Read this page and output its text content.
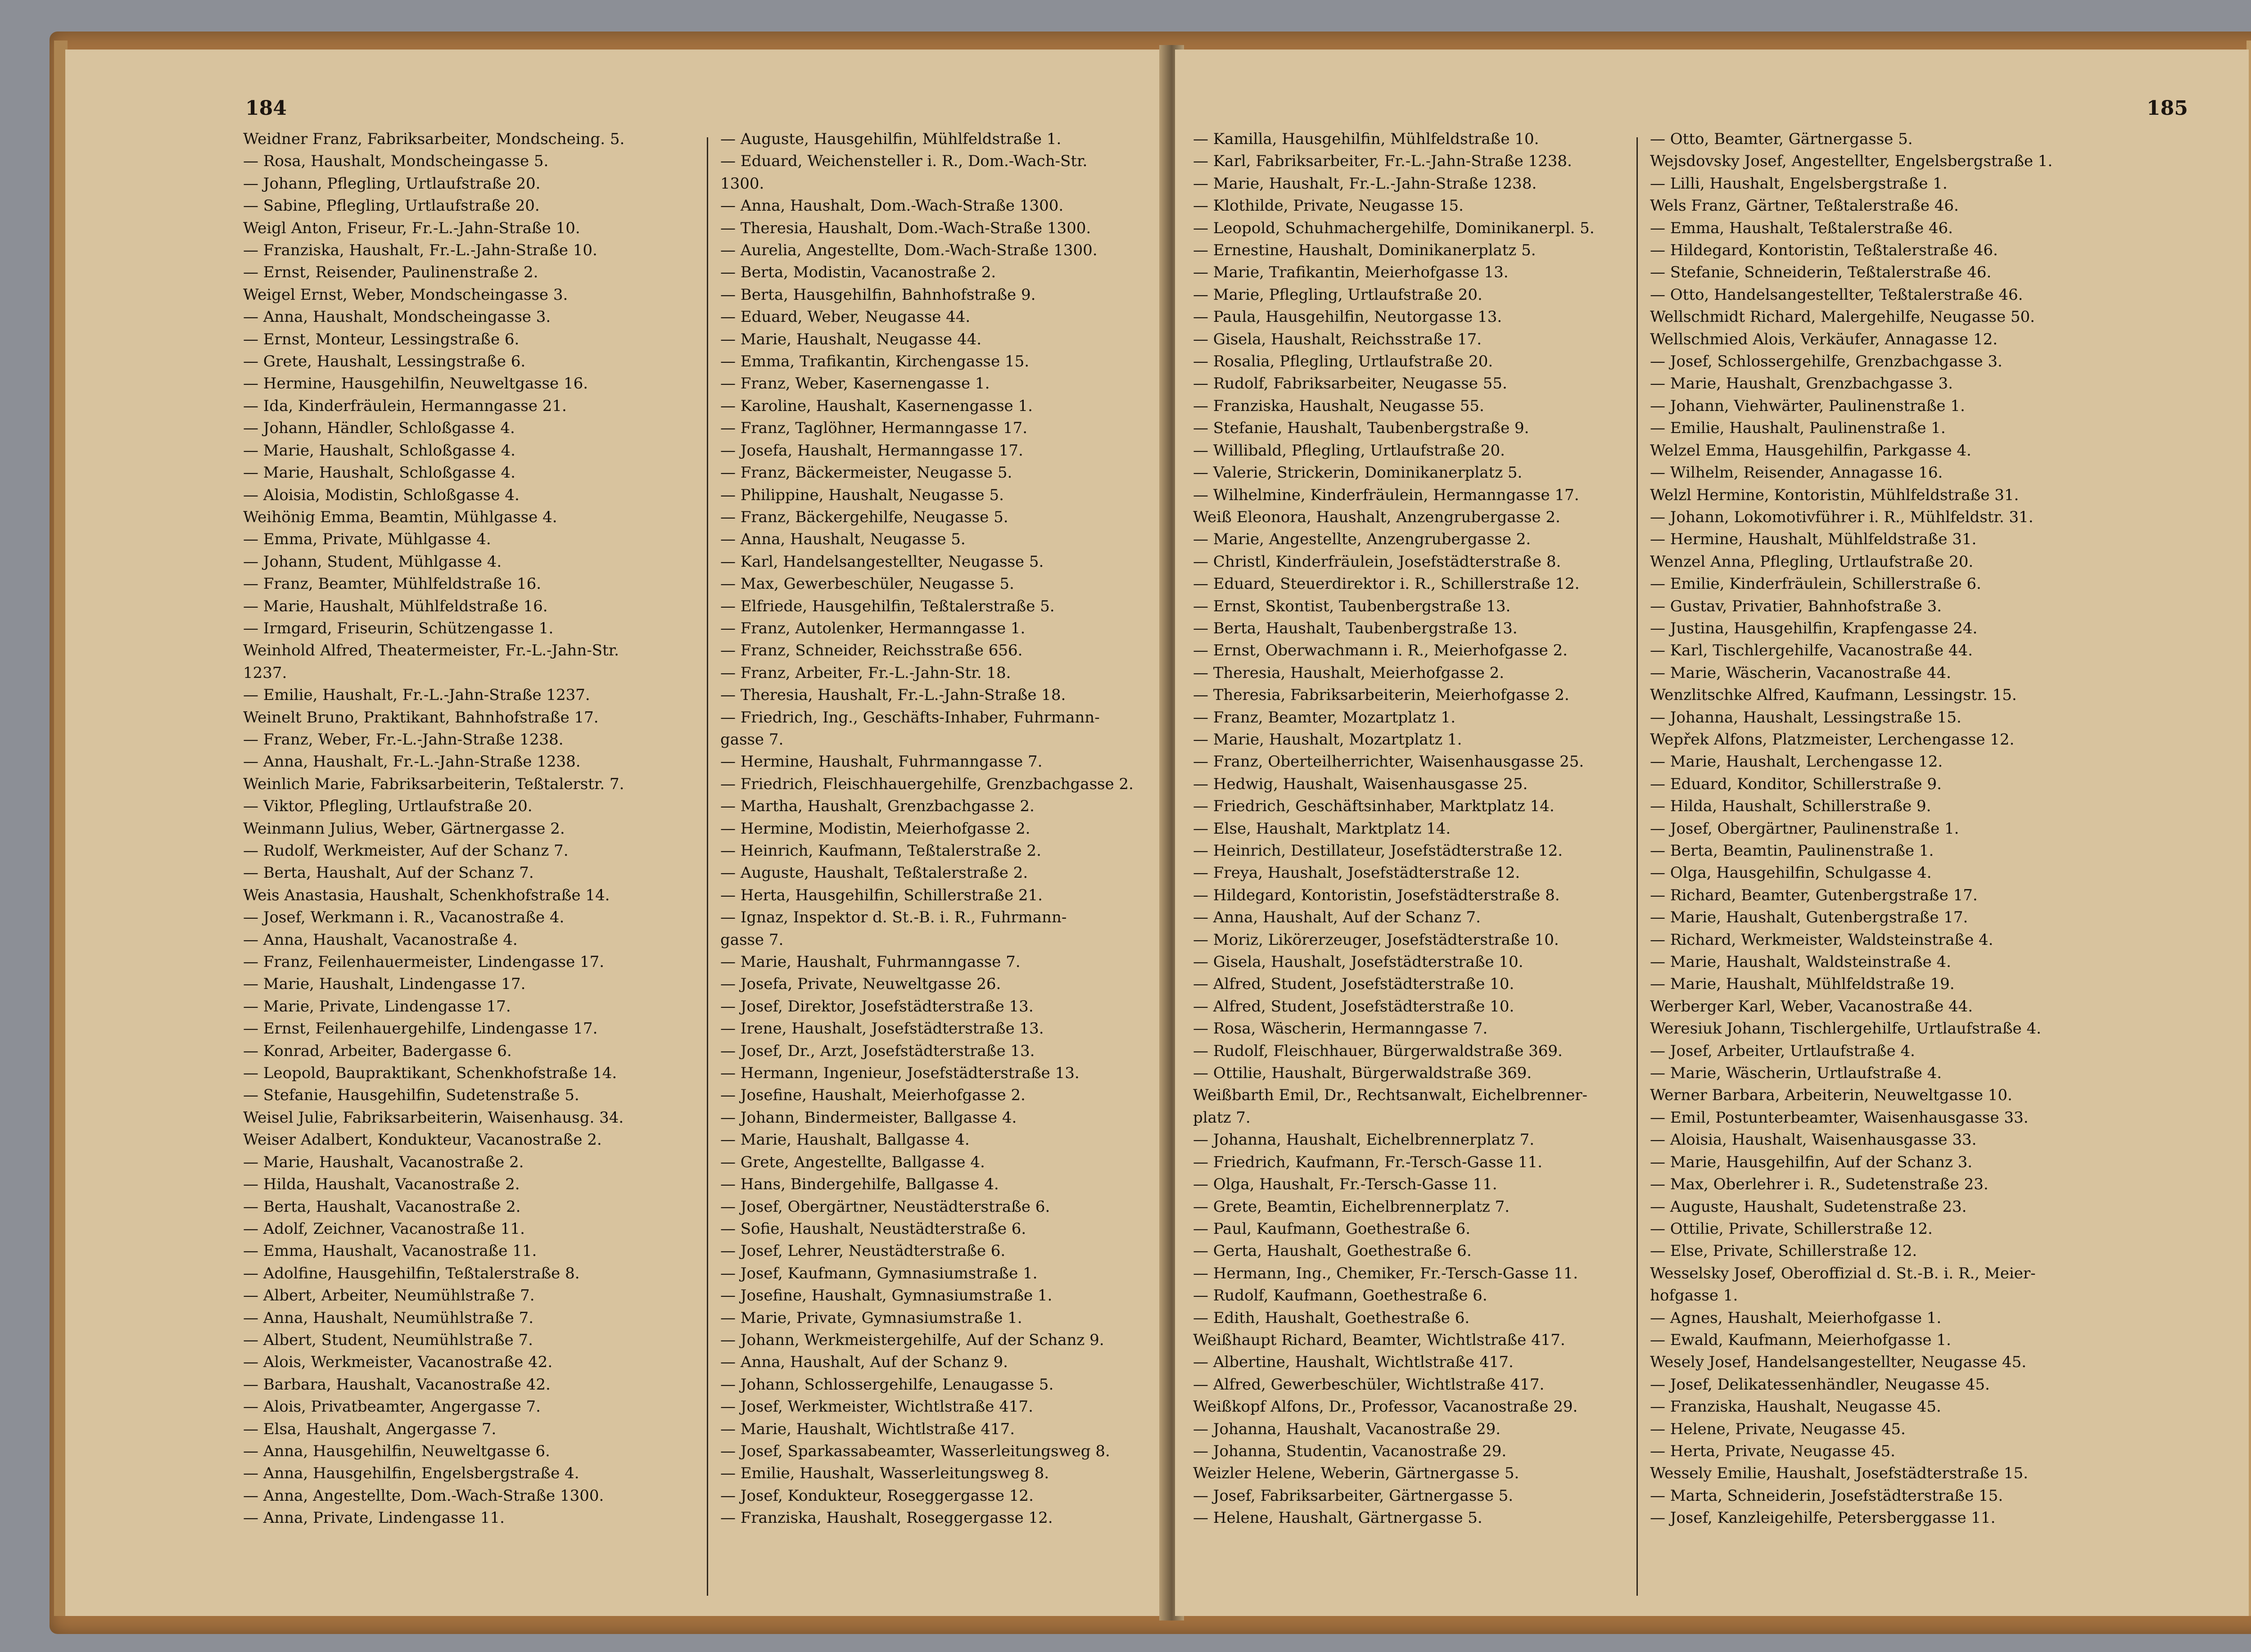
184
Weidner Franz, Fabriksarbeiter, Mondscheing. 5.
— Rosa, Haushalt, Mondscheingasse 5.
— Johann, Pflegling, Urtlaufstraße 20.
— Sabine, Pflegling, Urtlaufstraße 20.
Weigl Anton, Friseur, Fr.-L.-Jahn-Straße 10.
— Franziska, Haushalt, Fr.-L.-Jahn-Straße 10.
— Ernst, Reisender, Paulinenstraße 2.
Weigel Ernst, Weber, Mondscheingasse 3.
— Anna, Haushalt, Mondscheingasse 3.
— Ernst, Monteur, Lessingstraße 6.
— Grete, Haushalt, Lessingstraße 6.
— Hermine, Hausgehilfin, Neuweltgasse 16.
— Ida, Kinderfräulein, Hermanngasse 21.
— Johann, Händler, Schloßgasse 4.
— Marie, Haushalt, Schloßgasse 4.
— Marie, Haushalt, Schloßgasse 4.
— Aloisia, Modistin, Schloßgasse 4.
Weihönig Emma, Beamtin, Mühlgasse 4.
— Emma, Private, Mühlgasse 4.
— Johann, Student, Mühlgasse 4.
— Franz, Beamter, Mühlfeldstraße 16.
— Marie, Haushalt, Mühlfeldstraße 16.
— Irmgard, Friseurin, Schützengasse 1.
Weinhold Alfred, Theatermeister, Fr.-L.-Jahn-Str.
1237.
— Emilie, Haushalt, Fr.-L.-Jahn-Straße 1237.
Weinelt Bruno, Praktikant, Bahnhofstraße 17.
— Franz, Weber, Fr.-L.-Jahn-Straße 1238.
— Anna, Haushalt, Fr.-L.-Jahn-Straße 1238.
Weinlich Marie, Fabriksarbeiterin, Teßtalerstr. 7.
— Viktor, Pflegling, Urtlaufstraße 20.
Weinmann Julius, Weber, Gärtnergasse 2.
— Rudolf, Werkmeister, Auf der Schanz 7.
— Berta, Haushalt, Auf der Schanz 7.
Weis Anastasia, Haushalt, Schenkhofstraße 14.
— Josef, Werkmann i. R., Vacanostraße 4.
— Anna, Haushalt, Vacanostraße 4.
— Franz, Feilenhauermeister, Lindengasse 17.
— Marie, Haushalt, Lindengasse 17.
— Marie, Private, Lindengasse 17.
— Ernst, Feilenhauergehilfe, Lindengasse 17.
— Konrad, Arbeiter, Badergasse 6.
— Leopold, Baupraktikant, Schenkhofstraße 14.
— Stefanie, Hausgehilfin, Sudetenstraße 5.
Weisel Julie, Fabriksarbeiterin, Waisenhausg. 34.
Weiser Adalbert, Kondukteur, Vacanostraße 2.
— Marie, Haushalt, Vacanostraße 2.
— Hilda, Haushalt, Vacanostraße 2.
— Berta, Haushalt, Vacanostraße 2.
— Adolf, Zeichner, Vacanostraße 11.
— Emma, Haushalt, Vacanostraße 11.
— Adolfine, Hausgehilfin, Teßtalerstraße 8.
— Albert, Arbeiter, Neumühlstraße 7.
— Anna, Haushalt, Neumühlstraße 7.
— Albert, Student, Neumühlstraße 7.
— Alois, Werkmeister, Vacanostraße 42.
— Barbara, Haushalt, Vacanostraße 42.
— Alois, Privatbeamter, Angergasse 7.
— Elsa, Haushalt, Angergasse 7.
— Anna, Hausgehilfin, Neuweltgasse 6.
— Anna, Hausgehilfin, Engelsbergstraße 4.
— Anna, Angestellte, Dom.-Wach-Straße 1300.
— Anna, Private, Lindengasse 11.
— Auguste, Hausgehilfin, Mühlfeldstraße 1.
— Eduard, Weichensteller i. R., Dom.-Wach-Str.
1300.
— Anna, Haushalt, Dom.-Wach-Straße 1300.
— Theresia, Haushalt, Dom.-Wach-Straße 1300.
— Aurelia, Angestellte, Dom.-Wach-Straße 1300.
— Berta, Modistin, Vacanostraße 2.
— Berta, Hausgehilfin, Bahnhofstraße 9.
— Eduard, Weber, Neugasse 44.
— Marie, Haushalt, Neugasse 44.
— Emma, Trafikantin, Kirchengasse 15.
— Franz, Weber, Kasernengasse 1.
— Karoline, Haushalt, Kasernengasse 1.
— Franz, Taglöhner, Hermanngasse 17.
— Josefa, Haushalt, Hermanngasse 17.
— Franz, Bäckermeister, Neugasse 5.
— Philippine, Haushalt, Neugasse 5.
— Franz, Bäckergehilfe, Neugasse 5.
— Anna, Haushalt, Neugasse 5.
— Karl, Handelsangestellter, Neugasse 5.
— Max, Gewerbeschüler, Neugasse 5.
— Elfriede, Hausgehilfin, Teßtalerstraße 5.
— Franz, Autolenker, Hermanngasse 1.
— Franz, Schneider, Reichsstraße 656.
— Franz, Arbeiter, Fr.-L.-Jahn-Str. 18.
— Theresia, Haushalt, Fr.-L.-Jahn-Straße 18.
— Friedrich, Ing., Geschäfts-Inhaber, Fuhrmann-
gasse 7.
— Hermine, Haushalt, Fuhrmanngasse 7.
— Friedrich, Fleischhauergehilfe, Grenzbachgasse 2.
— Martha, Haushalt, Grenzbachgasse 2.
— Hermine, Modistin, Meierhofgasse 2.
— Heinrich, Kaufmann, Teßtalerstraße 2.
— Auguste, Haushalt, Teßtalerstraße 2.
— Herta, Hausgehilfin, Schillerstraße 21.
— Ignaz, Inspektor d. St.-B. i. R., Fuhrmann-
gasse 7.
— Marie, Haushalt, Fuhrmanngasse 7.
— Josefa, Private, Neuweltgasse 26.
— Josef, Direktor, Josefstädterstraße 13.
— Irene, Haushalt, Josefstädterstraße 13.
— Josef, Dr., Arzt, Josefstädterstraße 13.
— Hermann, Ingenieur, Josefstädterstraße 13.
— Josefine, Haushalt, Meierhofgasse 2.
— Johann, Bindermeister, Ballgasse 4.
— Marie, Haushalt, Ballgasse 4.
— Grete, Angestellte, Ballgasse 4.
— Hans, Bindergehilfe, Ballgasse 4.
— Josef, Obergärtner, Neustädterstraße 6.
— Sofie, Haushalt, Neustädterstraße 6.
— Josef, Lehrer, Neustädterstraße 6.
— Josef, Kaufmann, Gymnasiumstraße 1.
— Josefine, Haushalt, Gymnasiumstraße 1.
— Marie, Private, Gymnasiumstraße 1.
— Johann, Werkmeistergehilfe, Auf der Schanz 9.
— Anna, Haushalt, Auf der Schanz 9.
— Johann, Schlossergehilfe, Lenaugasse 5.
— Josef, Werkmeister, Wichtlstraße 417.
— Marie, Haushalt, Wichtlstraße 417.
— Josef, Sparkassabeamter, Wasserleitungsweg 8.
— Emilie, Haushalt, Wasserleitungsweg 8.
— Josef, Kondukteur, Roseggergasse 12.
— Franziska, Haushalt, Roseggergasse 12.
185
— Kamilla, Hausgehilfin, Mühlfeldstraße 10.
— Karl, Fabriksarbeiter, Fr.-L.-Jahn-Straße 1238.
— Marie, Haushalt, Fr.-L.-Jahn-Straße 1238.
— Klothilde, Private, Neugasse 15.
— Leopold, Schuhmachergehilfe, Dominikanerpl. 5.
— Ernestine, Haushalt, Dominikanerplatz 5.
— Marie, Trafikantin, Meierhofgasse 13.
— Marie, Pflegling, Urtlaufstraße 20.
— Paula, Hausgehilfin, Neutorgasse 13.
— Gisela, Haushalt, Reichsstraße 17.
— Rosalia, Pflegling, Urtlaufstraße 20.
— Rudolf, Fabriksarbeiter, Neugasse 55.
— Franziska, Haushalt, Neugasse 55.
— Stefanie, Haushalt, Taubenbergstraße 9.
— Willibald, Pflegling, Urtlaufstraße 20.
— Valerie, Strickerin, Dominikanerplatz 5.
— Wilhelmine, Kinderfräulein, Hermanngasse 17.
Weiß Eleonora, Haushalt, Anzengrubergasse 2.
— Marie, Angestellte, Anzengrubergasse 2.
— Christl, Kinderfräulein, Josefstädterstraße 8.
— Eduard, Steuerdirektor i. R., Schillerstraße 12.
— Ernst, Skontist, Taubenbergstraße 13.
— Berta, Haushalt, Taubenbergstraße 13.
— Ernst, Oberwachmann i. R., Meierhofgasse 2.
— Theresia, Haushalt, Meierhofgasse 2.
— Theresia, Fabriksarbeiterin, Meierhofgasse 2.
— Franz, Beamter, Mozartplatz 1.
— Marie, Haushalt, Mozartplatz 1.
— Franz, Oberteilherrichter, Waisenhausgasse 25.
— Hedwig, Haushalt, Waisenhausgasse 25.
— Friedrich, Geschäftsinhaber, Marktplatz 14.
— Else, Haushalt, Marktplatz 14.
— Heinrich, Destillateur, Josefstädterstraße 12.
— Freya, Haushalt, Josefstädterstraße 12.
— Hildegard, Kontoristin, Josefstädterstraße 8.
— Anna, Haushalt, Auf der Schanz 7.
— Moriz, Likörerzeuger, Josefstädterstraße 10.
— Gisela, Haushalt, Josefstädterstraße 10.
— Alfred, Student, Josefstädterstraße 10.
— Alfred, Student, Josefstädterstraße 10.
— Rosa, Wäscherin, Hermanngasse 7.
— Rudolf, Fleischhauer, Bürgerwaldstraße 369.
— Ottilie, Haushalt, Bürgerwaldstraße 369.
Weißbarth Emil, Dr., Rechtsanwalt, Eichelbrenner-
platz 7.
— Johanna, Haushalt, Eichelbrennerplatz 7.
— Friedrich, Kaufmann, Fr.-Tersch-Gasse 11.
— Olga, Haushalt, Fr.-Tersch-Gasse 11.
— Grete, Beamtin, Eichelbrennerplatz 7.
— Paul, Kaufmann, Goethestraße 6.
— Gerta, Haushalt, Goethestraße 6.
— Hermann, Ing., Chemiker, Fr.-Tersch-Gasse 11.
— Rudolf, Kaufmann, Goethestraße 6.
— Edith, Haushalt, Goethestraße 6.
Weißhaupt Richard, Beamter, Wichtlstraße 417.
— Albertine, Haushalt, Wichtlstraße 417.
— Alfred, Gewerbeschüler, Wichtlstraße 417.
Weißkopf Alfons, Dr., Professor, Vacanostraße 29.
— Johanna, Haushalt, Vacanostraße 29.
— Johanna, Studentin, Vacanostraße 29.
Weizler Helene, Weberin, Gärtnergasse 5.
— Josef, Fabriksarbeiter, Gärtnergasse 5.
— Helene, Haushalt, Gärtnergasse 5.
— Otto, Beamter, Gärtnergasse 5.
Wejsdovsky Josef, Angestellter, Engelsbergstraße 1.
— Lilli, Haushalt, Engelsbergstraße 1.
Wels Franz, Gärtner, Teßtalerstraße 46.
— Emma, Haushalt, Teßtalerstraße 46.
— Hildegard, Kontoristin, Teßtalerstraße 46.
— Stefanie, Schneiderin, Teßtalerstraße 46.
— Otto, Handelsangestellter, Teßtalerstraße 46.
Wellschmidt Richard, Malergehilfe, Neugasse 50.
Wellschmied Alois, Verkäufer, Annagasse 12.
— Josef, Schlossergehilfe, Grenzbachgasse 3.
— Marie, Haushalt, Grenzbachgasse 3.
— Johann, Viehwärter, Paulinenstraße 1.
— Emilie, Haushalt, Paulinenstraße 1.
Welzel Emma, Hausgehilfin, Parkgasse 4.
— Wilhelm, Reisender, Annagasse 16.
Welzl Hermine, Kontoristin, Mühlfeldstraße 31.
— Johann, Lokomotivführer i. R., Mühlfeldstr. 31.
— Hermine, Haushalt, Mühlfeldstraße 31.
Wenzel Anna, Pflegling, Urtlaufstraße 20.
— Emilie, Kinderfräulein, Schillerstraße 6.
— Gustav, Privatier, Bahnhofstraße 3.
— Justina, Hausgehilfin, Krapfengasse 24.
— Karl, Tischlergehilfe, Vacanostraße 44.
— Marie, Wäscherin, Vacanostraße 44.
Wenzlitschke Alfred, Kaufmann, Lessingstr. 15.
— Johanna, Haushalt, Lessingstraße 15.
Wepřek Alfons, Platzmeister, Lerchengasse 12.
— Marie, Haushalt, Lerchengasse 12.
— Eduard, Konditor, Schillerstraße 9.
— Hilda, Haushalt, Schillerstraße 9.
— Josef, Obergärtner, Paulinenstraße 1.
— Berta, Beamtin, Paulinenstraße 1.
— Olga, Hausgehilfin, Schulgasse 4.
— Richard, Beamter, Gutenbergstraße 17.
— Marie, Haushalt, Gutenbergstraße 17.
— Richard, Werkmeister, Waldsteinstraße 4.
— Marie, Haushalt, Waldsteinstraße 4.
— Marie, Haushalt, Mühlfeldstraße 19.
Werberger Karl, Weber, Vacanostraße 44.
Weresiuk Johann, Tischlergehilfe, Urtlaufstraße 4.
— Josef, Arbeiter, Urtlaufstraße 4.
— Marie, Wäscherin, Urtlaufstraße 4.
Werner Barbara, Arbeiterin, Neuweltgasse 10.
— Emil, Postunterbeamter, Waisenhausgasse 33.
— Aloisia, Haushalt, Waisenhausgasse 33.
— Marie, Hausgehilfin, Auf der Schanz 3.
— Max, Oberlehrer i. R., Sudetenstraße 23.
— Auguste, Haushalt, Sudetenstraße 23.
— Ottilie, Private, Schillerstraße 12.
— Else, Private, Schillerstraße 12.
Wesselsky Josef, Oberoffizial d. St.-B. i. R., Meier-
hofgasse 1.
— Agnes, Haushalt, Meierhofgasse 1.
— Ewald, Kaufmann, Meierhofgasse 1.
Wesely Josef, Handelsangestellter, Neugasse 45.
— Josef, Delikatessenhändler, Neugasse 45.
— Franziska, Haushalt, Neugasse 45.
— Helene, Private, Neugasse 45.
— Herta, Private, Neugasse 45.
Wessely Emilie, Haushalt, Josefstädterstraße 15.
— Marta, Schneiderin, Josefstädterstraße 15.
— Josef, Kanzleigehilfe, Petersberggasse 11.
